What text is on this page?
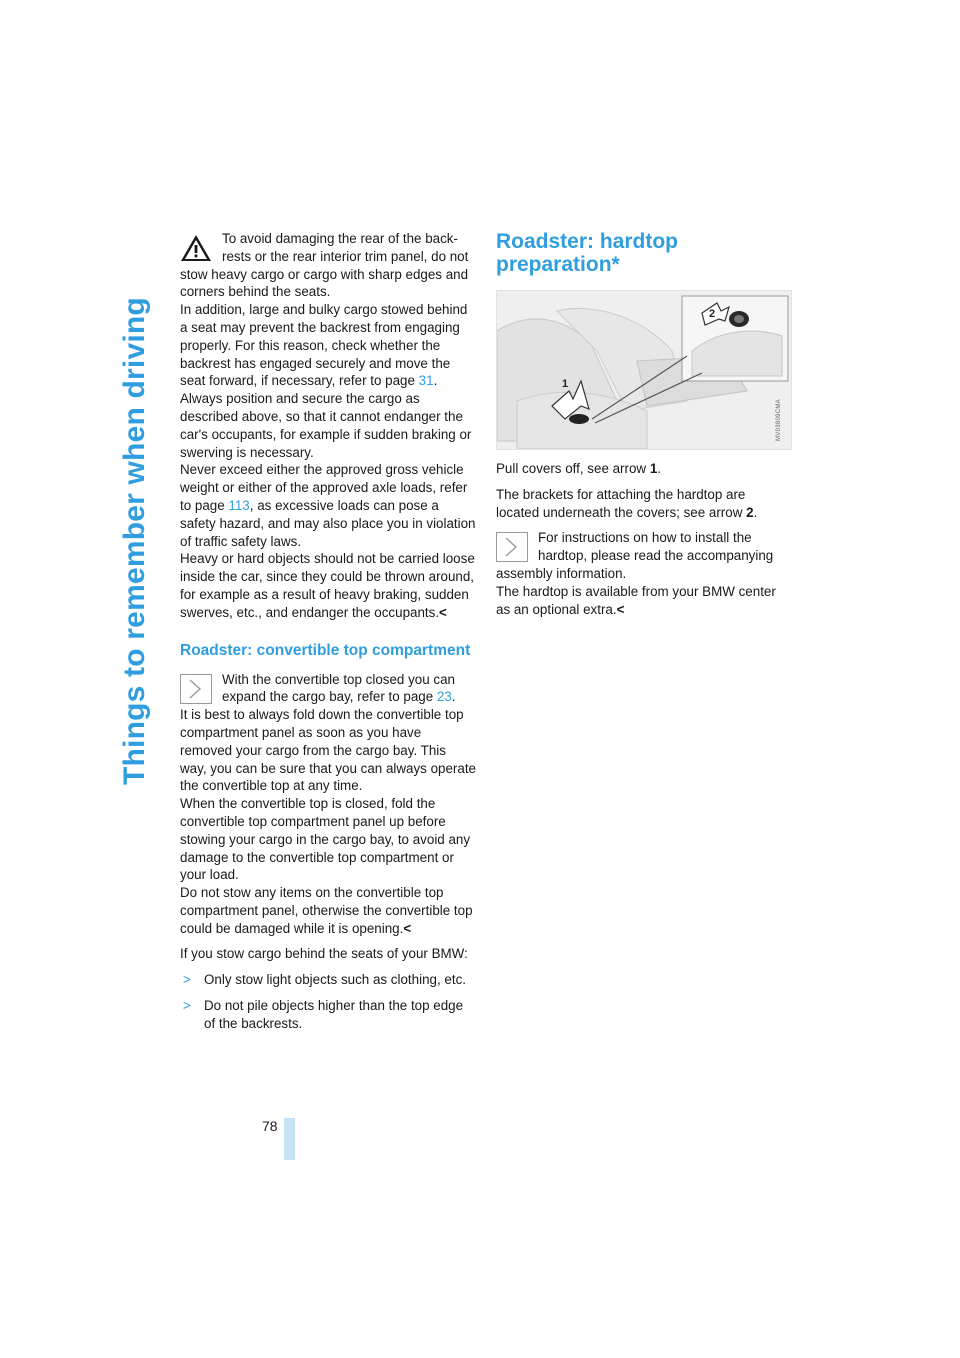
Things to remember when driving
78

To avoid damaging the rear of the backrests or the rear interior trim panel, do not stow heavy cargo or cargo with sharp edges and corners behind the seats.

In addition, large and bulky cargo stowed behind a seat may prevent the backrest from engaging properly. For this reason, check whether the backrest has engaged securely and move the seat forward, if necessary, refer to page 31.

Always position and secure the cargo as described above, so that it cannot endanger the car's occupants, for example if sudden braking or swerving is necessary.

Never exceed either the approved gross vehicle weight or either of the approved axle loads, refer to page 113, as excessive loads can pose a safety hazard, and may also place you in violation of traffic safety laws.

Heavy or hard objects should not be carried loose inside the car, since they could be thrown around, for example as a result of heavy braking, sudden swerves, etc., and endanger the occupants.<

Roadster: convertible top compartment

With the convertible top closed you can expand the cargo bay, refer to page 23.

It is best to always fold down the convertible top compartment panel as soon as you have removed your cargo from the cargo bay. This way, you can be sure that you can always operate the convertible top at any time.

When the convertible top is closed, fold the convertible top compartment panel up before stowing your cargo in the cargo bay, to avoid any damage to the convertible top compartment or your load.

Do not stow any items on the convertible top compartment panel, otherwise the convertible top could be damaged while it is opening.<

If you stow cargo behind the seats of your BMW:

> Only stow light objects such as clothing, etc.
> Do not pile objects higher than the top edge of the backrests.
Roadster: hardtop preparation*
1
2
MV03809CMA

Pull covers off, see arrow 1.

The brackets for attaching the hardtop are located underneath the covers; see arrow 2.

For instructions on how to install the hardtop, please read the accompanying assembly information.

The hardtop is available from your BMW center as an optional extra.<
